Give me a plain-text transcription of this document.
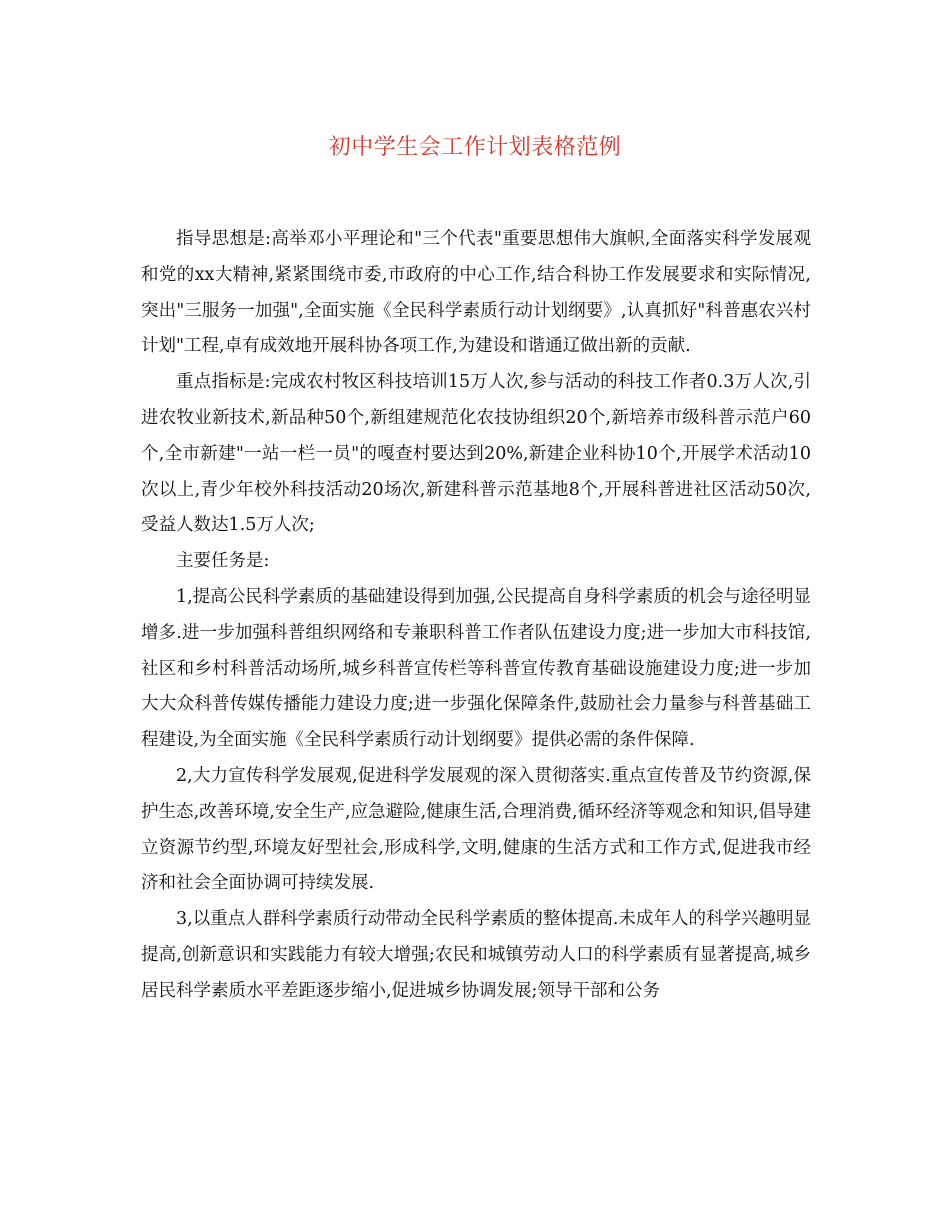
初中学生会工作计划表格范例

指导思想是:高举邓小平理论和"三个代表"重要思想伟大旗帜,全面落实科学发展观和党的xx大精神,紧紧围绕市委,市政府的中心工作,结合科协工作发展要求和实际情况,突出"三服务一加强",全面实施《全民科学素质行动计划纲要》,认真抓好"科普惠农兴村计划"工程,卓有成效地开展科协各项工作,为建设和谐通辽做出新的贡献.

重点指标是:完成农村牧区科技培训15万人次,参与活动的科技工作者0.3万人次,引进农牧业新技术,新品种50个,新组建规范化农技协组织20个,新培养市级科普示范户60个,全市新建"一站一栏一员"的嘎查村要达到20%,新建企业科协10个,开展学术活动10次以上,青少年校外科技活动20场次,新建科普示范基地8个,开展科普进社区活动50次,受益人数达1.5万人次;

主要任务是:

1,提高公民科学素质的基础建设得到加强,公民提高自身科学素质的机会与途径明显增多.进一步加强科普组织网络和专兼职科普工作者队伍建设力度;进一步加大市科技馆,社区和乡村科普活动场所,城乡科普宣传栏等科普宣传教育基础设施建设力度;进一步加大大众科普传媒传播能力建设力度;进一步强化保障条件,鼓励社会力量参与科普基础工程建设,为全面实施《全民科学素质行动计划纲要》提供必需的条件保障.

2,大力宣传科学发展观,促进科学发展观的深入贯彻落实.重点宣传普及节约资源,保护生态,改善环境,安全生产,应急避险,健康生活,合理消费,循环经济等观念和知识,倡导建立资源节约型,环境友好型社会,形成科学,文明,健康的生活方式和工作方式,促进我市经济和社会全面协调可持续发展.

3,以重点人群科学素质行动带动全民科学素质的整体提高.未成年人的科学兴趣明显提高,创新意识和实践能力有较大增强;农民和城镇劳动人口的科学素质有显著提高,城乡居民科学素质水平差距逐步缩小,促进城乡协调发展;领导干部和公务
